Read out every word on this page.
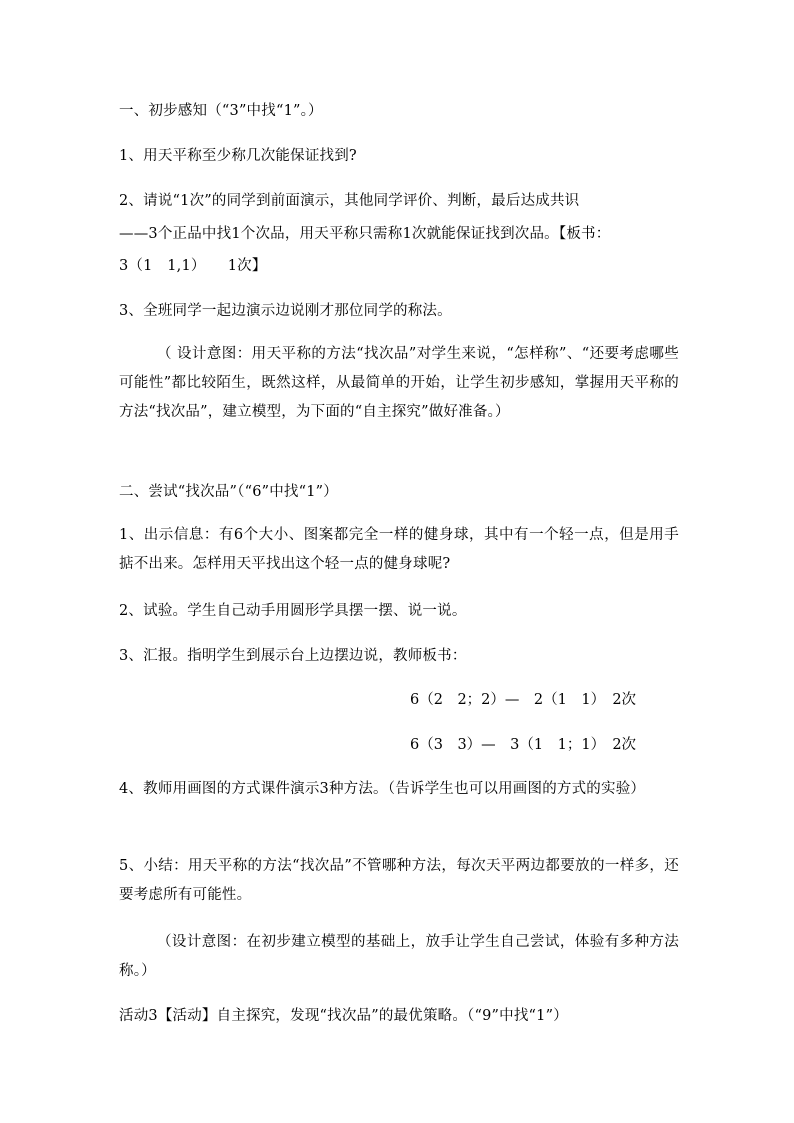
一、初步感知（“3”中找“1”。）
1、用天平称至少称几次能保证找到?
2、请说“1次”的同学到前面演示，其他同学评价、判断，最后达成共识
——3个正品中找1个次品，用天平称只需称1次就能保证找到次品。【板书：
3（1　1,1）　　1次】
3、全班同学一起边演示边说刚才那位同学的称法。
（ 设计意图：用天平称的方法“找次品”对学生来说，“怎样称”、“还要考虑哪些可能性”都比较陌生，既然这样，从最简单的开始，让学生初步感知，掌握用天平称的方法“找次品”，建立模型，为下面的“自主探究”做好准备。）
二、尝试“找次品”（“6”中找“1”）
1、出示信息：有6个大小、图案都完全一样的健身球，其中有一个轻一点，但是用手掂不出来。怎样用天平找出这个轻一点的健身球呢?
2、试验。学生自己动手用圆形学具摆一摆、说一说。
3、汇报。指明学生到展示台上边摆边说，教师板书：
6（2　2；2）—　2（1　1）　2次
6（3　3）—　3（1　1；1）　2次
4、教师用画图的方式课件演示3种方法。（告诉学生也可以用画图的方式的实验）
5、小结：用天平称的方法“找次品”不管哪种方法，每次天平两边都要放的一样多，还要考虑所有可能性。
（设计意图：在初步建立模型的基础上，放手让学生自己尝试，体验有多种方法称。）
活动3【活动】自主探究，发现“找次品”的最优策略。（“9”中找“1”）
